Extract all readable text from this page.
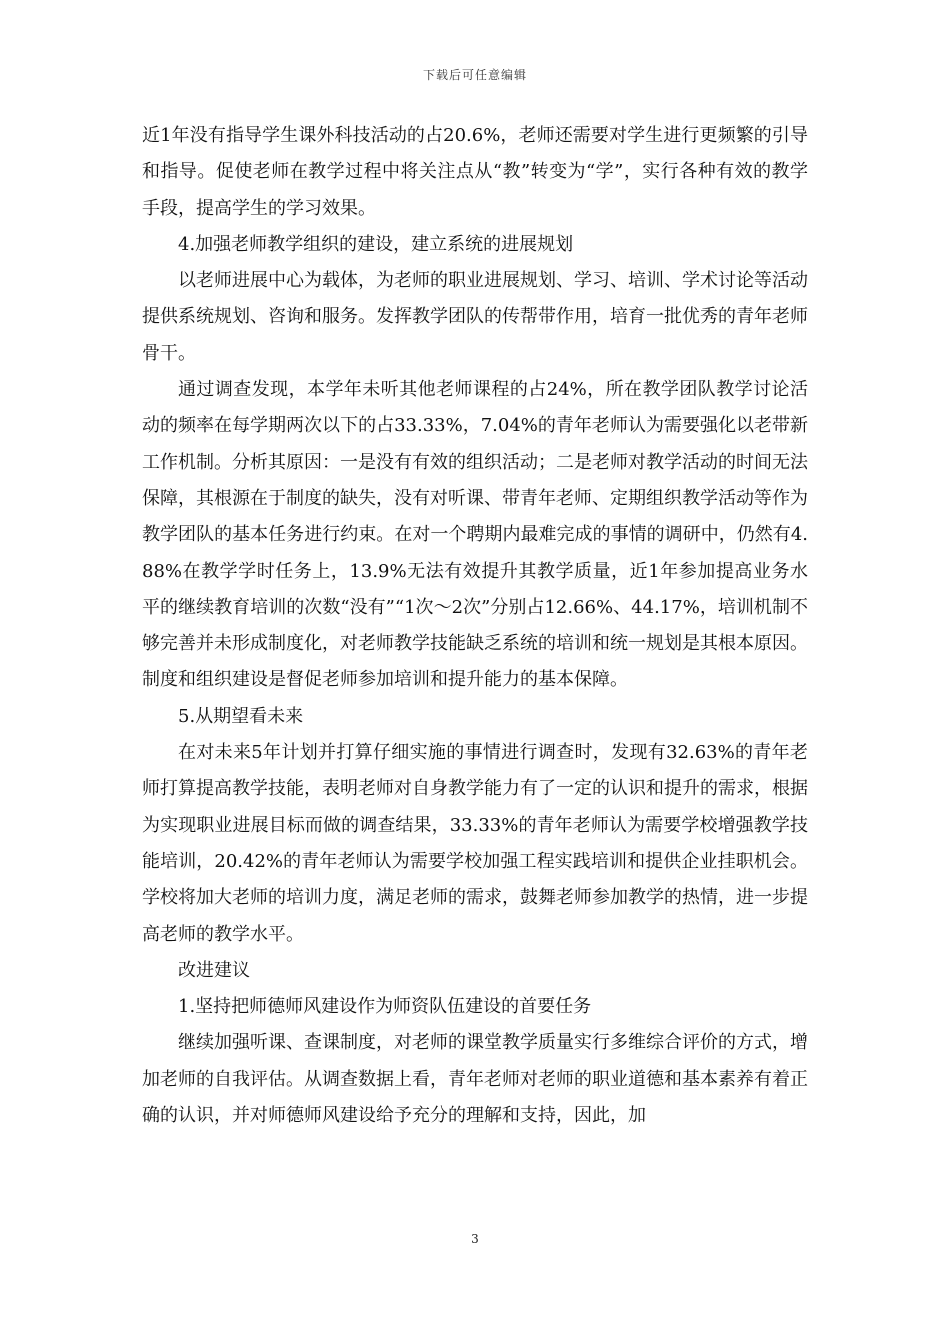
下载后可任意编辑

近1年没有指导学生课外科技活动的占20.6%，老师还需要对学生进行更频繁的引导和指导。促使老师在教学过程中将关注点从“教”转变为“学”，实行各种有效的教学手段，提高学生的学习效果。

4.加强老师教学组织的建设，建立系统的进展规划

以老师进展中心为载体，为老师的职业进展规划、学习、培训、学术讨论等活动提供系统规划、咨询和服务。发挥教学团队的传帮带作用，培育一批优秀的青年老师骨干。

通过调查发现，本学年未听其他老师课程的占24%，所在教学团队教学讨论活动的频率在每学期两次以下的占33.33%，7.04%的青年老师认为需要强化以老带新工作机制。分析其原因：一是没有有效的组织活动；二是老师对教学活动的时间无法保障，其根源在于制度的缺失，没有对听课、带青年老师、定期组织教学活动等作为教学团队的基本任务进行约束。在对一个聘期内最难完成的事情的调研中，仍然有4.88%在教学学时任务上，13.9%无法有效提升其教学质量，近1年参加提高业务水平的继续教育培训的次数“没有”“1次～2次”分别占12.66%、44.17%，培训机制不够完善并未形成制度化，对老师教学技能缺乏系统的培训和统一规划是其根本原因。制度和组织建设是督促老师参加培训和提升能力的基本保障。

5.从期望看未来

在对未来5年计划并打算仔细实施的事情进行调查时，发现有32.63%的青年老师打算提高教学技能，表明老师对自身教学能力有了一定的认识和提升的需求，根据为实现职业进展目标而做的调查结果，33.33%的青年老师认为需要学校增强教学技能培训，20.42%的青年老师认为需要学校加强工程实践培训和提供企业挂职机会。学校将加大老师的培训力度，满足老师的需求，鼓舞老师参加教学的热情，进一步提高老师的教学水平。

改进建议

1.坚持把师德师风建设作为师资队伍建设的首要任务

继续加强听课、查课制度，对老师的课堂教学质量实行多维综合评价的方式，增加老师的自我评估。从调查数据上看，青年老师对老师的职业道德和基本素养有着正确的认识，并对师德师风建设给予充分的理解和支持，因此，加

3
